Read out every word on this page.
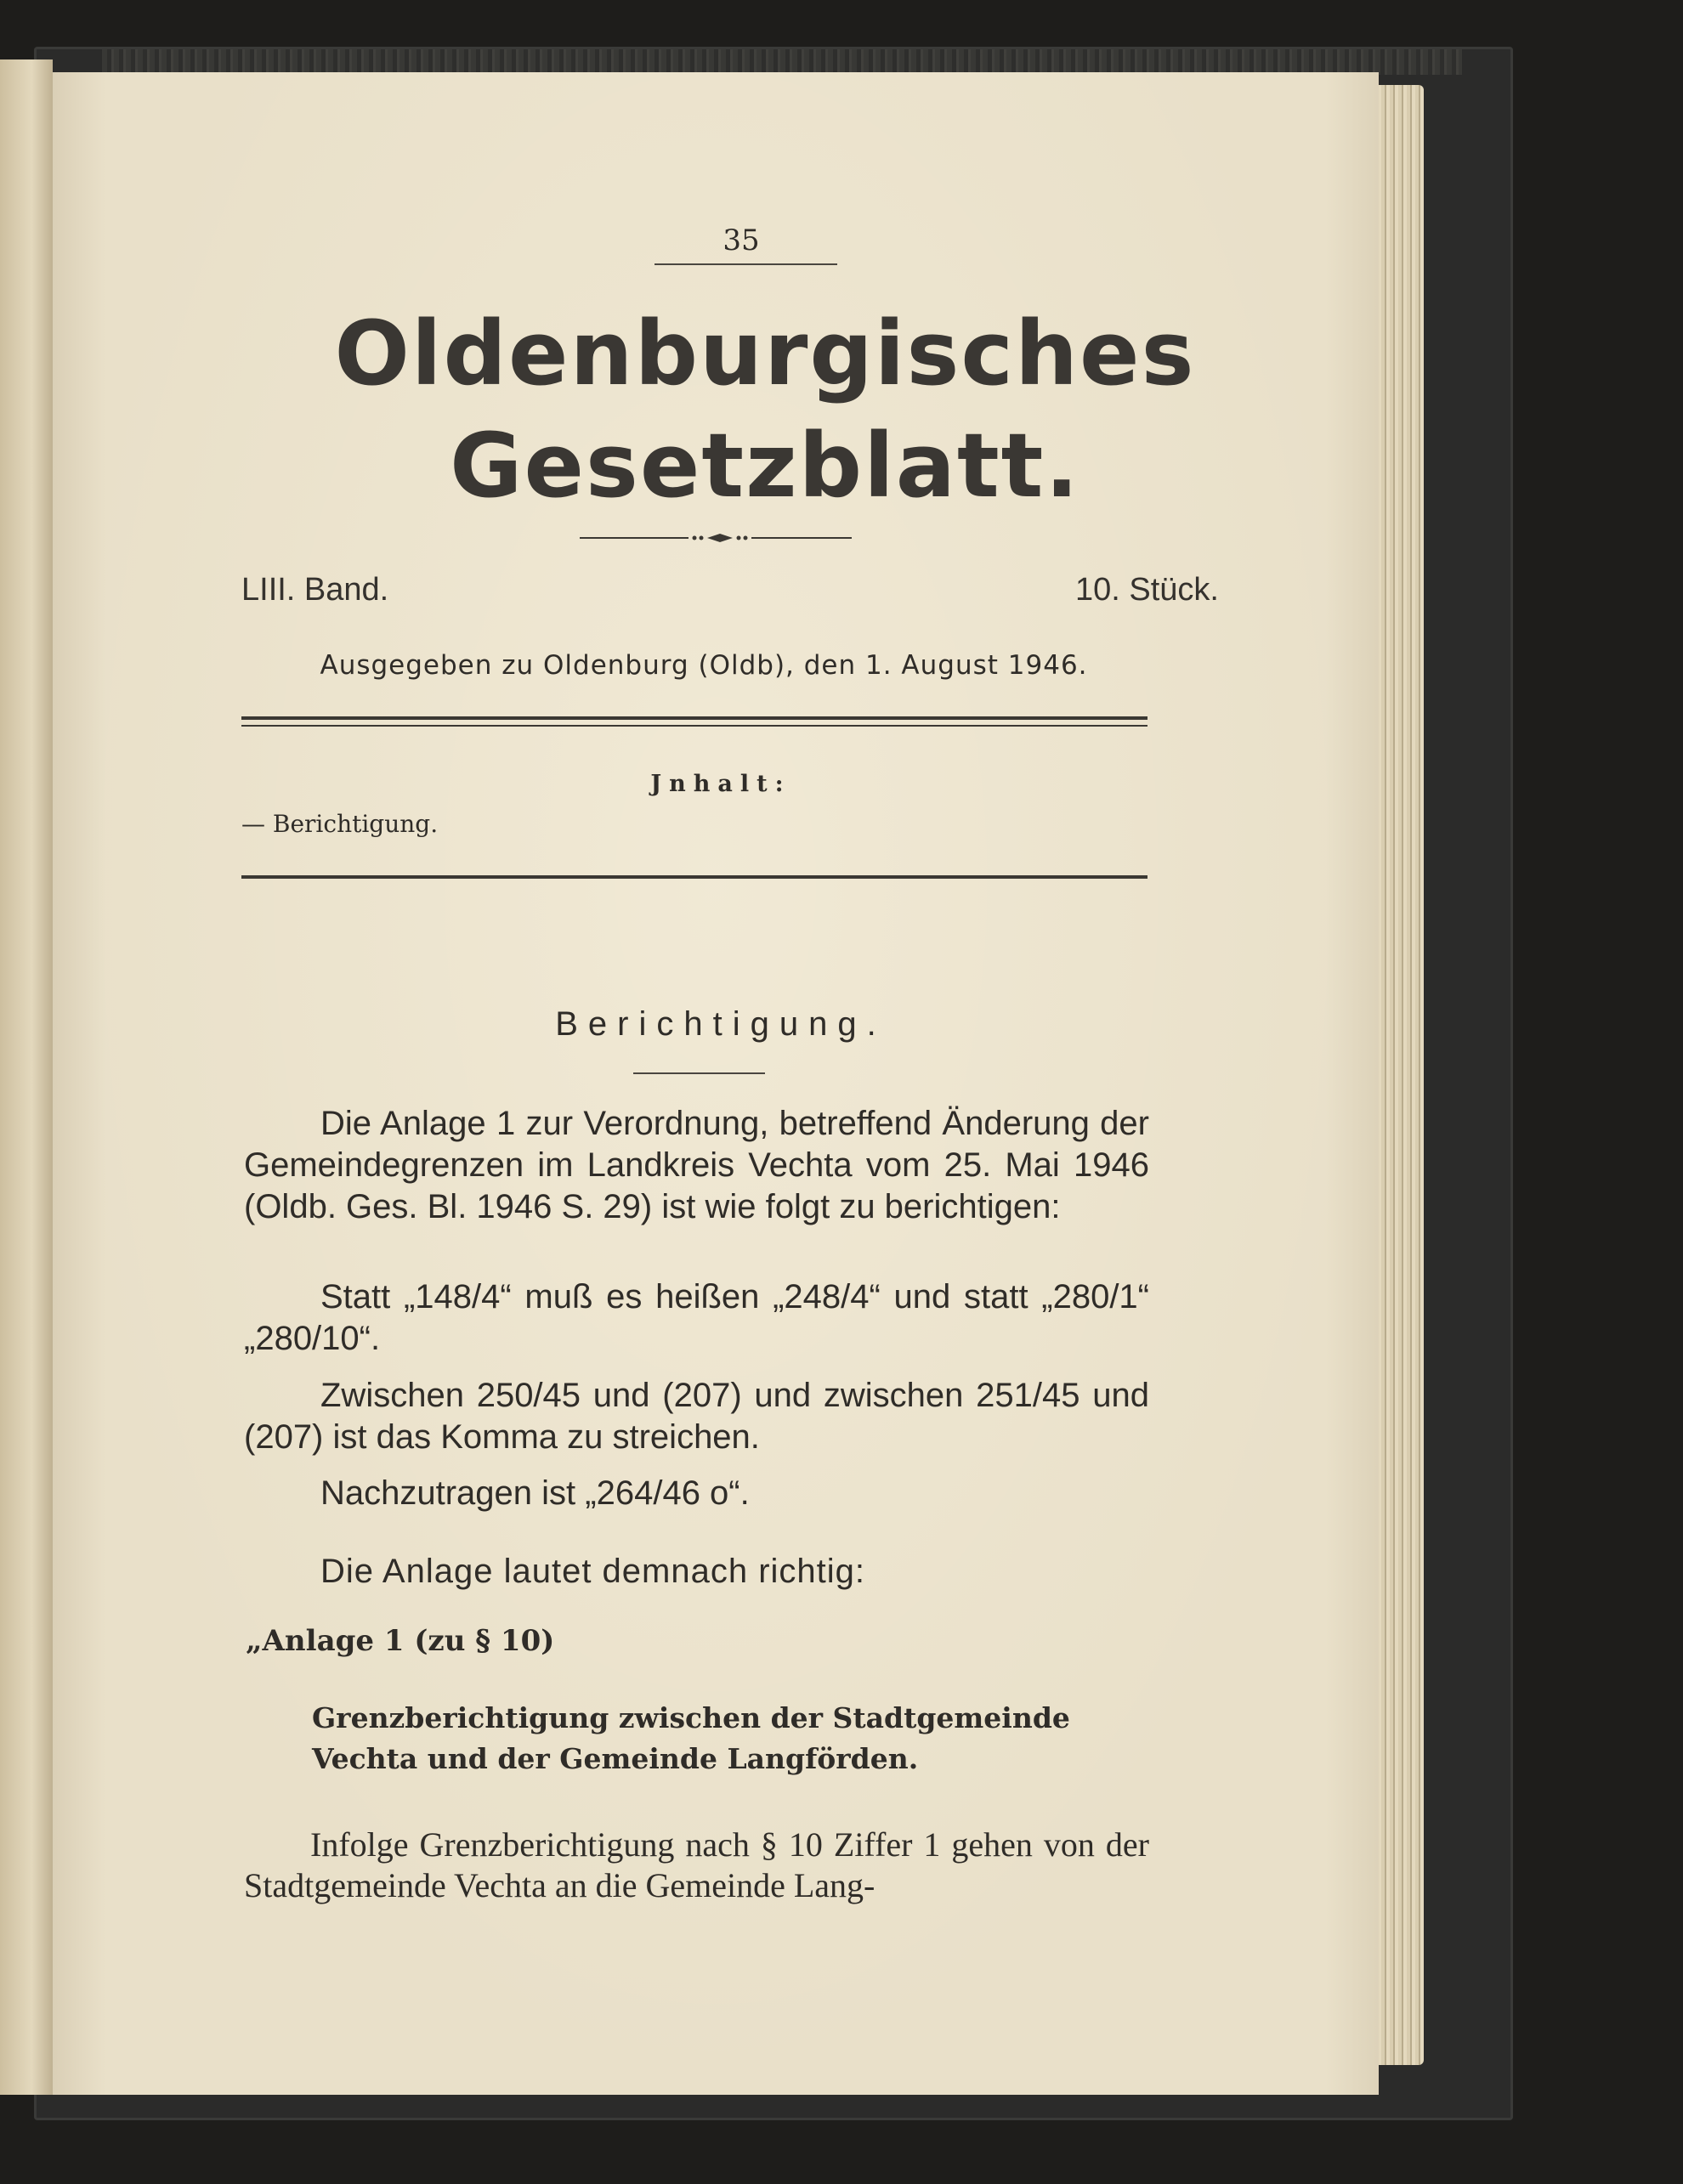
35

Oldenburgisches

Gesetzblatt.

LIII. Band.	10. Stück.

Ausgegeben zu Oldenburg (Oldb), den 1. August 1946.

Jnhalt:

— Berichtigung.

Berichtigung.

Die Anlage 1 zur Verordnung, betreffend Änderung der Gemeindegrenzen im Landkreis Vechta vom 25. Mai 1946 (Oldb. Ges. Bl. 1946 S. 29) ist wie folgt zu berichtigen:

Statt „148/4“ muß es heißen „248/4“ und statt „280/1“ „280/10“.

Zwischen 250/45 und (207) und zwischen 251/45 und (207) ist das Komma zu streichen.

Nachzutragen ist „264/46 o“.

Die Anlage lautet demnach richtig:

„Anlage 1 (zu § 10)

Grenzberichtigung zwischen der Stadtgemeinde Vechta und der Gemeinde Langförden.

Infolge Grenzberichtigung nach § 10 Ziffer 1 gehen von der Stadtgemeinde Vechta an die Gemeinde Lang-
